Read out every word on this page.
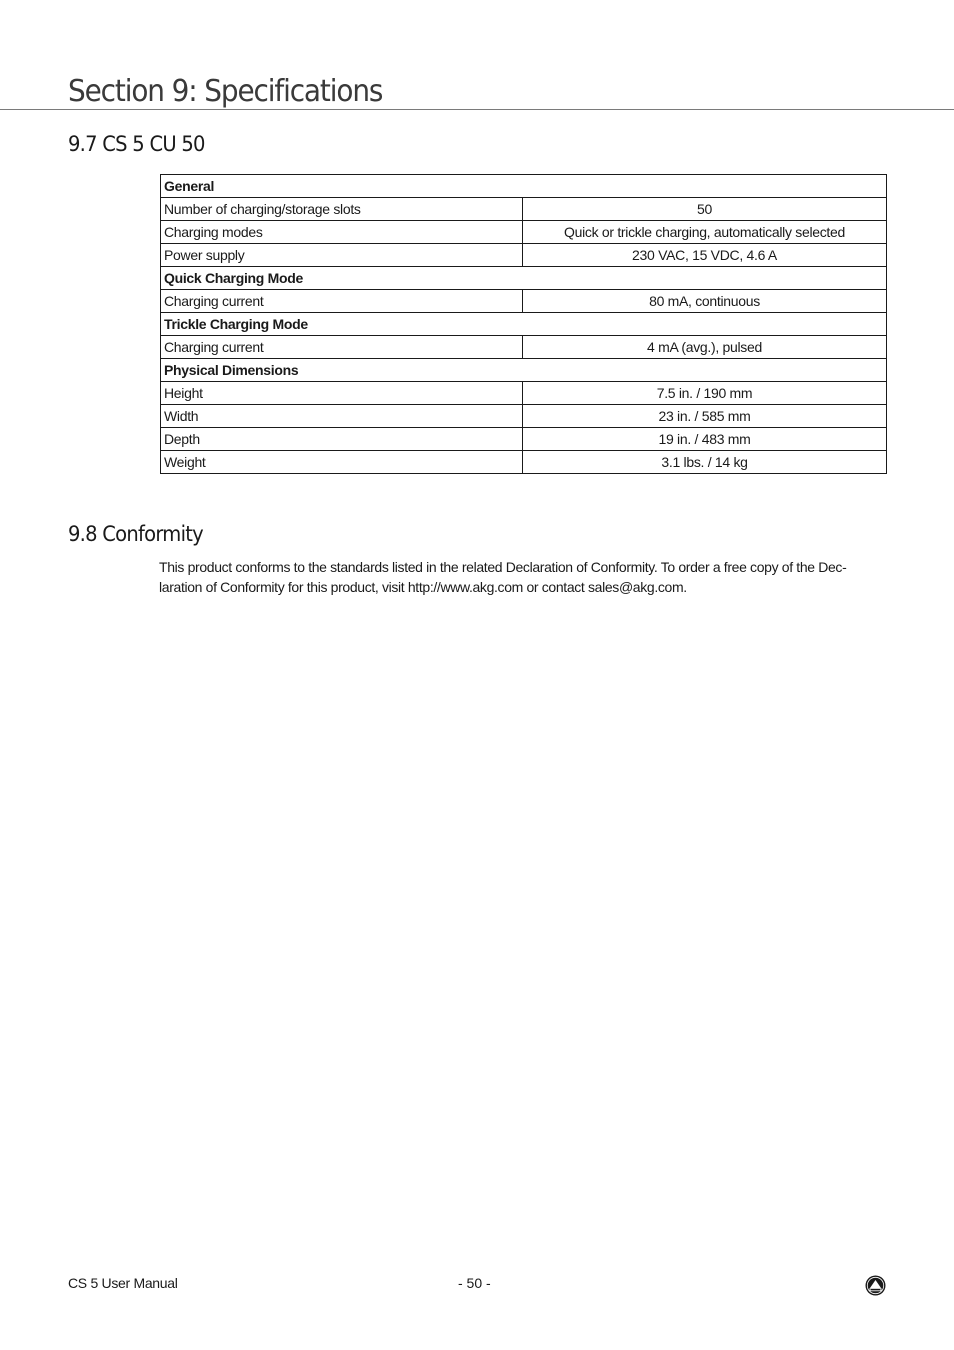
Section 9: Specifications
9.7 CS 5 CU 50
General	
Number of charging/storage slots	50
Charging modes	Quick or trickle charging, automatically selected
Power supply	230 VAC, 15 VDC, 4.6 A
Quick Charging Mode	
Charging current	80 mA, continuous
Trickle Charging Mode	
Charging current	4 mA (avg.), pulsed
Physical Dimensions	
Height	7.5 in. / 190 mm
Width	23 in. / 585 mm
Depth	19 in. / 483 mm
Weight	3.1 lbs. / 14 kg
9.8 Conformity

This product conforms to the standards listed in the related Declaration of Conformity. To order a free copy of the Dec-
laration of Conformity for this product, visit http://www.akg.com or contact sales@akg.com.

CS 5 User Manual	- 50 -
